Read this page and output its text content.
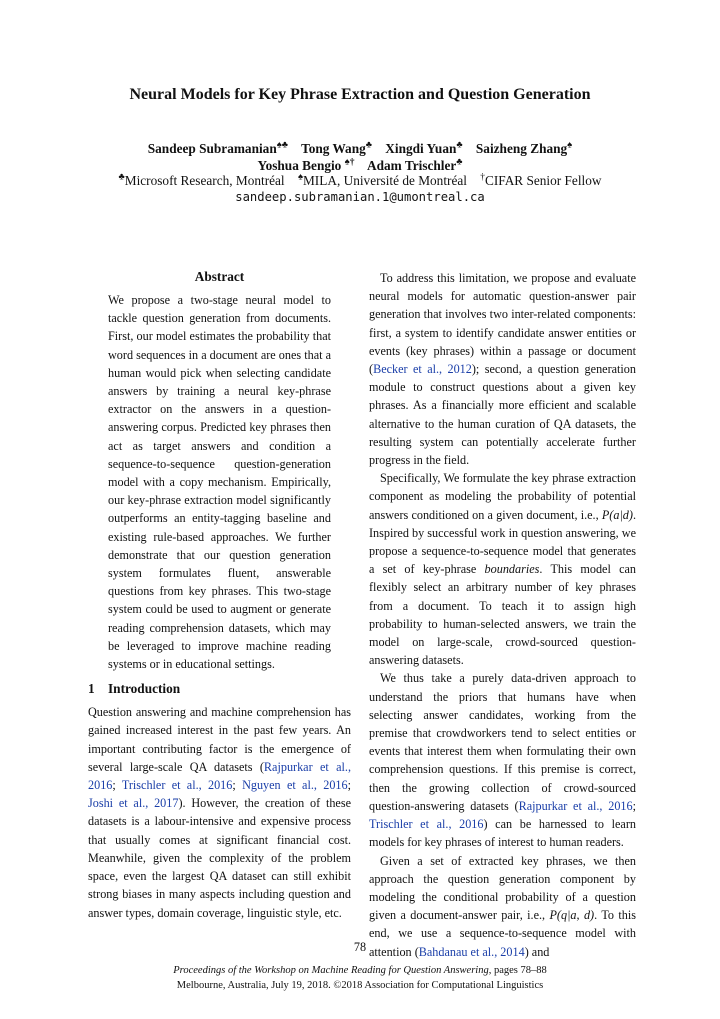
Neural Models for Key Phrase Extraction and Question Generation
Sandeep Subramanian♠♣ Tong Wang♣ Xingdi Yuan♣ Saizheng Zhang♠
Yoshua Bengio ♠† Adam Trischler♣
♣Microsoft Research, Montréal ♠MILA, Université de Montréal †CIFAR Senior Fellow
sandeep.subramanian.1@umontreal.ca
Abstract

We propose a two-stage neural model to tackle question generation from documents. First, our model estimates the probability that word sequences in a document are ones that a human would pick when selecting candidate answers by training a neural key-phrase extractor on the answers in a question-answering corpus. Predicted key phrases then act as target answers and condition a sequence-to-sequence question-generation model with a copy mechanism. Empirically, our key-phrase extraction model significantly outperforms an entity-tagging baseline and existing rule-based approaches. We further demonstrate that our question generation system formulates fluent, answerable questions from key phrases. This two-stage system could be used to augment or generate reading comprehension datasets, which may be leveraged to improve machine reading systems or in educational settings.

1 Introduction

Question answering and machine comprehension has gained increased interest in the past few years. An important contributing factor is the emergence of several large-scale QA datasets (Rajpurkar et al., 2016; Trischler et al., 2016; Nguyen et al., 2016; Joshi et al., 2017). However, the creation of these datasets is a labour-intensive and expensive process that usually comes at significant financial cost. Meanwhile, given the complexity of the problem space, even the largest QA dataset can still exhibit strong biases in many aspects including question and answer types, domain coverage, linguistic style, etc.

To address this limitation, we propose and evaluate neural models for automatic question-answer pair generation that involves two inter-related components: first, a system to identify candidate answer entities or events (key phrases) within a passage or document (Becker et al., 2012); second, a question generation module to construct questions about a given key phrases. As a financially more efficient and scalable alternative to the human curation of QA datasets, the resulting system can potentially accelerate further progress in the field.

Specifically, We formulate the key phrase extraction component as modeling the probability of potential answers conditioned on a given document, i.e., P(a|d). Inspired by successful work in question answering, we propose a sequence-to-sequence model that generates a set of key-phrase boundaries. This model can flexibly select an arbitrary number of key phrases from a document. To teach it to assign high probability to human-selected answers, we train the model on large-scale, crowd-sourced question-answering datasets.

We thus take a purely data-driven approach to understand the priors that humans have when selecting answer candidates, working from the premise that crowdworkers tend to select entities or events that interest them when formulating their own comprehension questions. If this premise is correct, then the growing collection of crowd-sourced question-answering datasets (Rajpurkar et al., 2016; Trischler et al., 2016) can be harnessed to learn models for key phrases of interest to human readers.

Given a set of extracted key phrases, we then approach the question generation component by modeling the conditional probability of a question given a document-answer pair, i.e., P(q|a, d). To this end, we use a sequence-to-sequence model with attention (Bahdanau et al., 2014) and

78
Proceedings of the Workshop on Machine Reading for Question Answering, pages 78–88
Melbourne, Australia, July 19, 2018. ©2018 Association for Computational Linguistics
